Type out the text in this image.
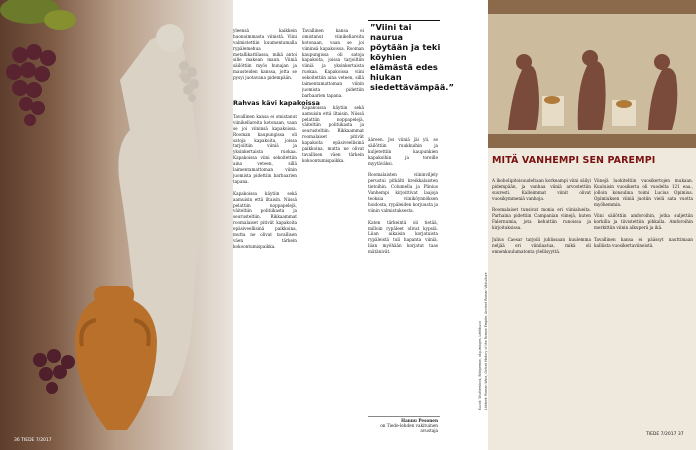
36 TIEDE 7/2017

yleensä kaikkein huonoimmasta viinistä. Viini valmistettiin kuumentamalla rypälemehua metallikattilassa, mikä antoi sille makean maun. Viiniä säilöttiin myös hunajan ja mausteiden kanssa, jotta se pysyi juotavana pidempään.

Rahvas kävi kapakoissa

Tavallinen kansa ei omistanut viinikellareita kotonaan, vaan se joi viininsä kapakoissa. Rooman kaupungissa oli satoja kapakoita, joissa tarjoiltiin viiniä ja yksinkertaista ruokaa. Kapakoissa viini sekoitettiin aina veteen, sillä laimentamattoman viinin juomista pidettiin barbaarien tapana.

Kapakoissa käytiin sekä aamuisin että iltaisin. Niissä pelattiin noppapelejä, väiteltiin politiikasta ja seurusteltiin. Rikkaammat roomalaiset pitivät kapakoita epäsiveellisinä paikkoina, mutta ne olivat tavallisen väen tärkein kokoontumispaikka.

Tavallinen kansa ei omistanut viinikellareita kotonaan, vaan se joi viininsä kapakoissa. Rooman kaupungissa oli satoja kapakoita, joissa tarjoiltiin viiniä ja yksinkertaista ruokaa. Kapakoissa viini sekoitettiin aina veteen, sillä laimentamattoman viinin juomista pidettiin barbaarien tapana.

Kapakoissa käytiin sekä aamuisin että iltaisin. Niissä pelattiin noppapelejä, väiteltiin politiikasta ja seurusteltiin. Rikkaammat roomalaiset pitivät kapakoita epäsiveellisinä paikkoina, mutta ne olivat tavallisen väen tärkein kokoontumispaikka.

”Viini tai naurua pöytään ja teki köyhien elämästä edes hiukan siedettävämpää.”

ääreen. Jos viiniä jäi yli, se säilöttiin ruukkuihin ja kuljetettiin kaupunkien kapakoihin ja toreille myytäväksi.

Roomalaisten viininviljely perustui pitkälti kreikkalaisten tietoihin. Columella ja Plinius Vanhempi kirjoittivat laajoja teoksia viiniköynnöksen hoidosta, rypäleiden korjuusta ja viinin valmistuksesta.

Katen tärkeintä oli tietää, milloin rypäleet olivat kypsiä. Liian aikaisin korjatuista rypäleistä tuli hapanta viiniä, liian myöhään korjatut taas mätänivät.

Hannu Pesonen
on Tiede-lehden vakituinen avustaja
Kuvat: Shutterstock, Bridgeman, akg-images, Lehtikuva Lähteet: Roman Wine, Oxford History of the Roman Empire, Ancient Roman Viticulture
MITÄ VANHEMPI SEN PAREMPI

A lkoholipitoisuudeltaan korkeampi viini säilyi pidempään, ja vanhaa viiniä arvostettiin suuresti. Kalleimmat viinit olivat vuosikymmeniä vanhoja.

Roomalaiset tunsivat monia eri viinialueita. Parhaina pidettiin Campanian viinejä, kuten Falernumia, jota kehuttiin runoissa ja kirjoituksissa.

Julius Caesar tarjoili juhlissaan kuulemma neljää eri viinilaatua, mikä oli ennenkuulumatonta ylellisyyttä.

Viinejä luokiteltiin vuosikertojen mukaan. Kuuluisin vuosikerta oli vuodelta 121 eaa., jolloin konsulina toimi Lucius Opimius. Opimiuksen viiniä juotiin vielä sata vuotta myöhemmin.

Viini säilöttiin amforoihin, jotka suljettiin korkilla ja tiivistettiin pihkalla. Amforoihin merkittiin viinin alkuperä ja ikä.

Tavallinen kansa ei päässyt nauttimaan kalliista vuosikertaviineistä.

TIEDE 7/2017 37
